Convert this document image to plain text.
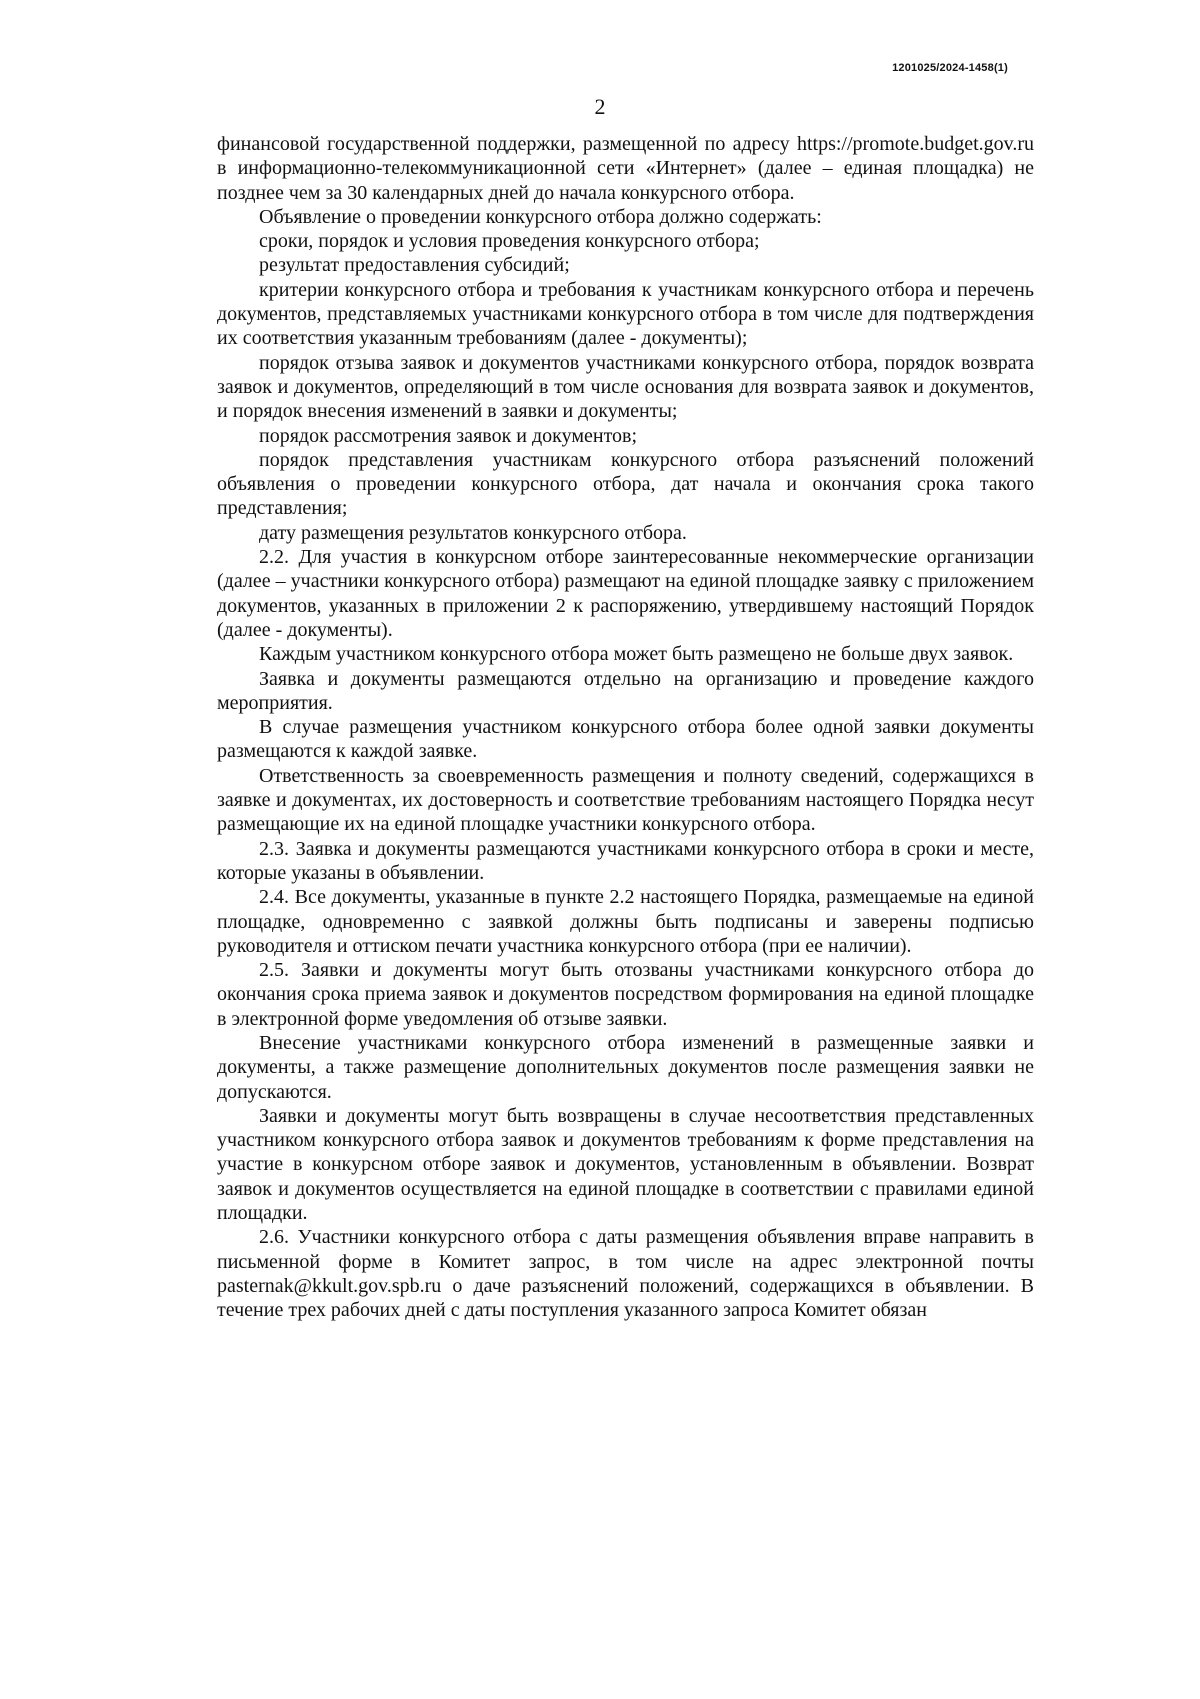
1201025/2024-1458(1)
2

финансовой государственной поддержки, размещенной по адресу https://promote.budget.gov.ru в информационно-телекоммуникационной сети «Интернет» (далее – единая площадка) не позднее чем за 30 календарных дней до начала конкурсного отбора.

Объявление о проведении конкурсного отбора должно содержать:

сроки, порядок и условия проведения конкурсного отбора;

результат предоставления субсидий;

критерии конкурсного отбора и требования к участникам конкурсного отбора и перечень документов, представляемых участниками конкурсного отбора в том числе для подтверждения их соответствия указанным требованиям (далее - документы);

порядок отзыва заявок и документов участниками конкурсного отбора, порядок возврата заявок и документов, определяющий в том числе основания для возврата заявок и документов, и порядок внесения изменений в заявки и документы;

порядок рассмотрения заявок и документов;

порядок представления участникам конкурсного отбора разъяснений положений объявления о проведении конкурсного отбора, дат начала и окончания срока такого представления;

дату размещения результатов конкурсного отбора.

2.2. Для участия в конкурсном отборе заинтересованные некоммерческие организации (далее – участники конкурсного отбора) размещают на единой площадке заявку с приложением документов, указанных в приложении 2 к распоряжению, утвердившему настоящий Порядок (далее - документы).

Каждым участником конкурсного отбора может быть размещено не больше двух заявок.

Заявка и документы размещаются отдельно на организацию и проведение каждого мероприятия.

В случае размещения участником конкурсного отбора более одной заявки документы размещаются к каждой заявке.

Ответственность за своевременность размещения и полноту сведений, содержащихся в заявке и документах, их достоверность и соответствие требованиям настоящего Порядка несут размещающие их на единой площадке участники конкурсного отбора.

2.3. Заявка и документы размещаются участниками конкурсного отбора в сроки и месте, которые указаны в объявлении.

2.4. Все документы, указанные в пункте 2.2 настоящего Порядка, размещаемые на единой площадке, одновременно с заявкой должны быть подписаны и заверены подписью руководителя и оттиском печати участника конкурсного отбора (при ее наличии).

2.5. Заявки и документы могут быть отозваны участниками конкурсного отбора до окончания срока приема заявок и документов посредством формирования на единой площадке в электронной форме уведомления об отзыве заявки.

Внесение участниками конкурсного отбора изменений в размещенные заявки и документы, а также размещение дополнительных документов после размещения заявки не допускаются.

Заявки и документы могут быть возвращены в случае несоответствия представленных участником конкурсного отбора заявок и документов требованиям к форме представления на участие в конкурсном отборе заявок и документов, установленным в объявлении. Возврат заявок и документов осуществляется на единой площадке в соответствии с правилами единой площадки.

2.6. Участники конкурсного отбора с даты размещения объявления вправе направить в письменной форме в Комитет запрос, в том числе на адрес электронной почты pasternak@kkult.gov.spb.ru о даче разъяснений положений, содержащихся в объявлении. В течение трех рабочих дней с даты поступления указанного запроса Комитет обязан
